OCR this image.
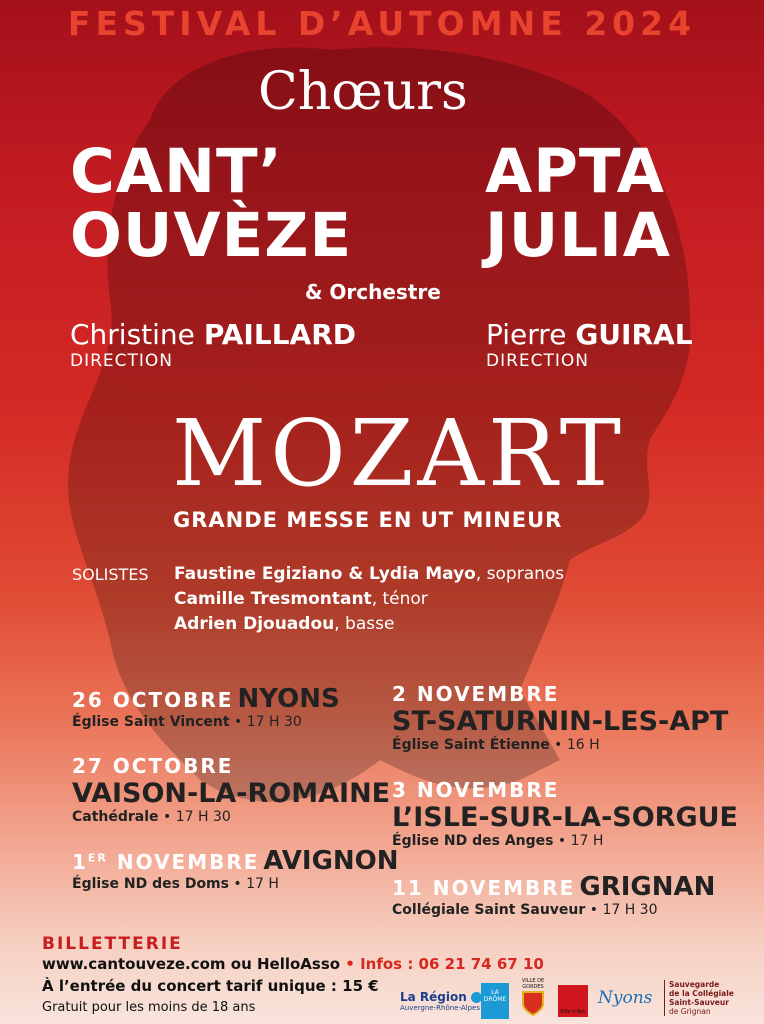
FESTIVAL D’AUTOMNE 2024
Chœurs
CANT’
OUVÈZE
APTA
JULIA
& Orchestre
Christine PAILLARD
DIRECTION
Pierre GUIRAL
DIRECTION
MOZART
GRANDE MESSE EN UT MINEUR
SOLISTES Faustine Egiziano & Lydia Mayo, sopranos
Camille Tresmontant, ténor
Adrien Djouadou, basse
26 OCTOBRE NYONS
Église Saint Vincent • 17 H 30
27 OCTOBRE
VAISON-LA-ROMAINE
Cathédrale • 17 H 30
1ER NOVEMBRE AVIGNON
Église ND des Doms • 17 H
2 NOVEMBRE
ST-SATURNIN-LES-APT
Église Saint Étienne • 16 H
3 NOVEMBRE
L’ISLE-SUR-LA-SORGUE
Église ND des Anges • 17 H
11 NOVEMBRE GRIGNAN
Collégiale Saint Sauveur • 17 H 30
BILLETTERIE
www.cantouveze.com ou HelloAsso • Infos : 06 21 74 67 10
À l’entrée du concert tarif unique : 15 €
Gratuit pour les moins de 18 ans
La Région
Auvergne-Rhône-Alpes
LA DRÔME
VILLE DE GORDES
Ville d'Apt
Nyons
Sauvegarde
de la Collégiale
Saint-Sauveur
de Grignan
